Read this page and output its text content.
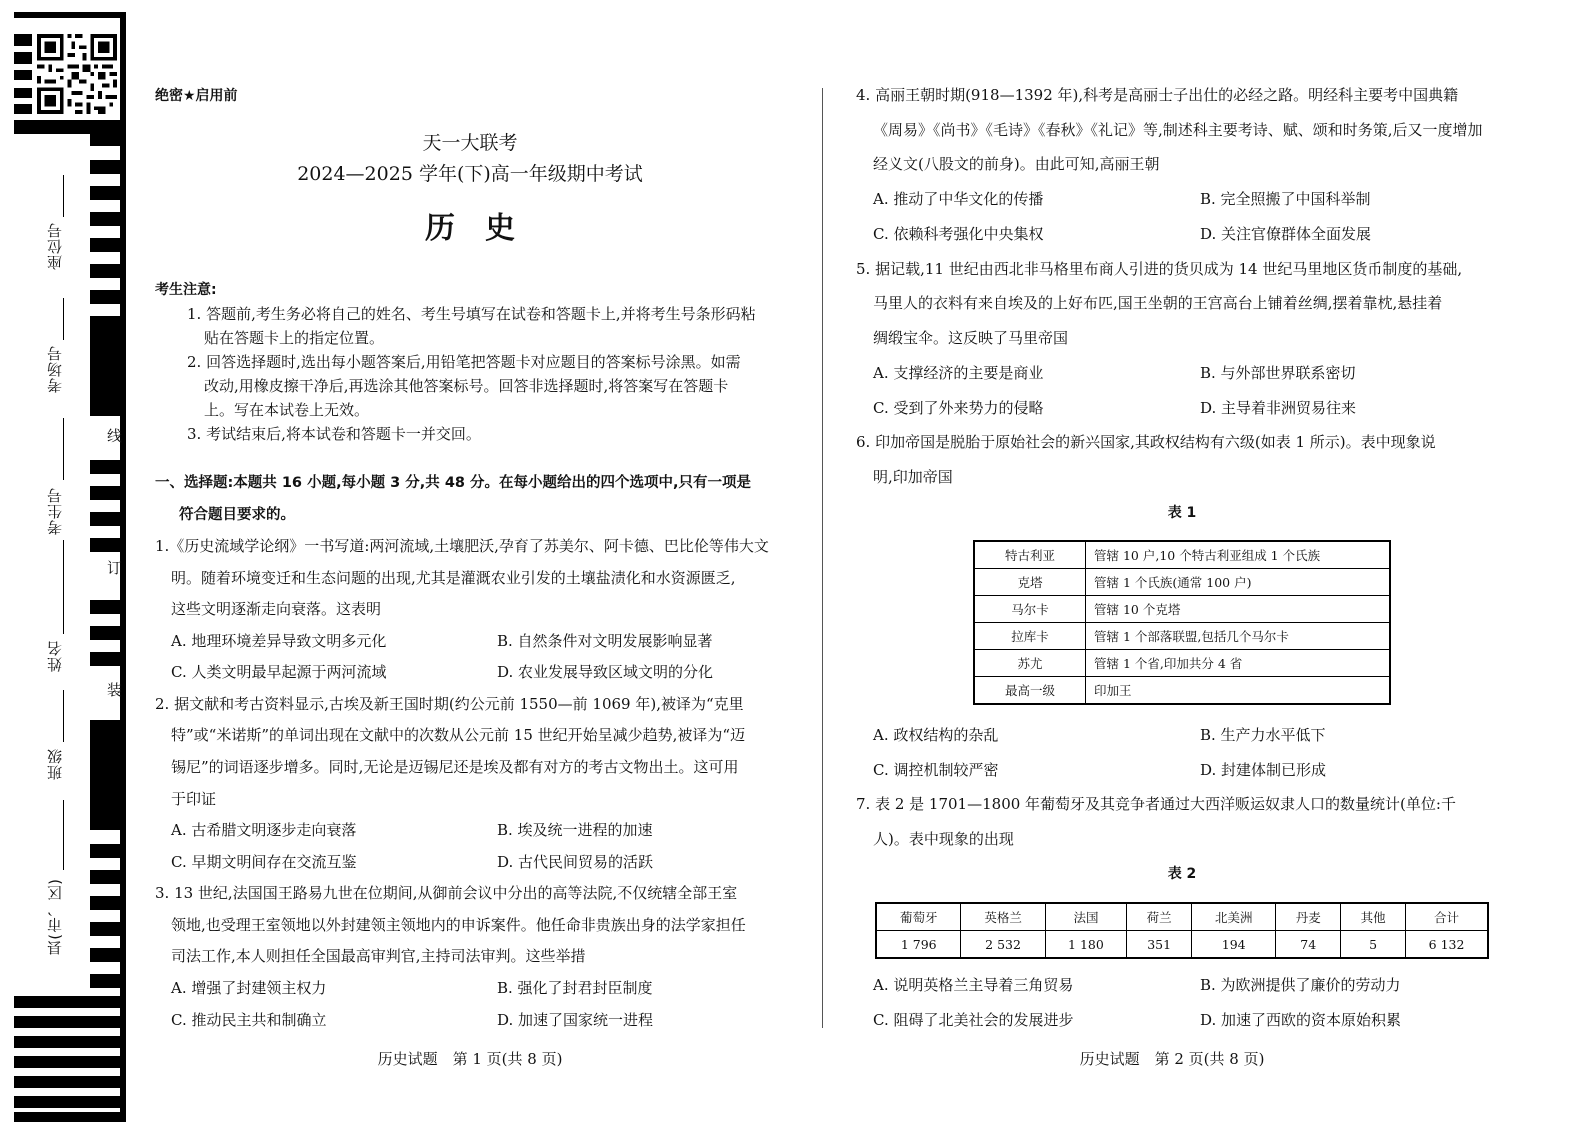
座位号
考场号
考生号
姓名
班级
县(市、区)
线
订
装
绝密★启用前
天一大联考
2024—2025 学年(下)高一年级期中考试
历　史
考生注意:
1. 答题前,考生务必将自己的姓名、考生号填写在试卷和答题卡上,并将考生号条形码粘
贴在答题卡上的指定位置。
2. 回答选择题时,选出每小题答案后,用铅笔把答题卡对应题目的答案标号涂黑。如需
改动,用橡皮擦干净后,再选涂其他答案标号。回答非选择题时,将答案写在答题卡
上。写在本试卷上无效。
3. 考试结束后,将本试卷和答题卡一并交回。
一、选择题:本题共 16 小题,每小题 3 分,共 48 分。在每小题给出的四个选项中,只有一项是
符合题目要求的。
1.《历史流域学论纲》一书写道:两河流域,土壤肥沃,孕育了苏美尔、阿卡德、巴比伦等伟大文
明。随着环境变迁和生态问题的出现,尤其是灌溉农业引发的土壤盐渍化和水资源匮乏,
这些文明逐渐走向衰落。这表明
A. 地理环境差异导致文明多元化	B. 自然条件对文明发展影响显著
C. 人类文明最早起源于两河流域	D. 农业发展导致区域文明的分化
2. 据文献和考古资料显示,古埃及新王国时期(约公元前 1550—前 1069 年),被译为“克里
特”或“米诺斯”的单词出现在文献中的次数从公元前 15 世纪开始呈减少趋势,被译为“迈
锡尼”的词语逐步增多。同时,无论是迈锡尼还是埃及都有对方的考古文物出土。这可用
于印证
A. 古希腊文明逐步走向衰落	B. 埃及统一进程的加速
C. 早期文明间存在交流互鉴	D. 古代民间贸易的活跃
3. 13 世纪,法国国王路易九世在位期间,从御前会议中分出的高等法院,不仅统辖全部王室
领地,也受理王室领地以外封建领主领地内的申诉案件。他任命非贵族出身的法学家担任
司法工作,本人则担任全国最高审判官,主持司法审判。这些举措
A. 增强了封建领主权力	B. 强化了封君封臣制度
C. 推动民主共和制确立	D. 加速了国家统一进程
历史试题　第 1 页(共 8 页)
4. 高丽王朝时期(918—1392 年),科考是高丽士子出仕的必经之路。明经科主要考中国典籍
《周易》《尚书》《毛诗》《春秋》《礼记》等,制述科主要考诗、赋、颂和时务策,后又一度增加
经义文(八股文的前身)。由此可知,高丽王朝
A. 推动了中华文化的传播	B. 完全照搬了中国科举制
C. 依赖科考强化中央集权	D. 关注官僚群体全面发展
5. 据记载,11 世纪由西北非马格里布商人引进的货贝成为 14 世纪马里地区货币制度的基础,
马里人的衣料有来自埃及的上好布匹,国王坐朝的王宫高台上铺着丝绸,摆着靠枕,悬挂着
绸缎宝伞。这反映了马里帝国
A. 支撑经济的主要是商业	B. 与外部世界联系密切
C. 受到了外来势力的侵略	D. 主导着非洲贸易往来
6. 印加帝国是脱胎于原始社会的新兴国家,其政权结构有六级(如表 1 所示)。表中现象说
明,印加帝国
表 1
特古利亚	管辖 10 户,10 个特古利亚组成 1 个氏族
克塔	管辖 1 个氏族(通常 100 户)
马尔卡	管辖 10 个克塔
拉库卡	管辖 1 个部落联盟,包括几个马尔卡
苏尤	管辖 1 个省,印加共分 4 省
最高一级	印加王
A. 政权结构的杂乱	B. 生产力水平低下
C. 调控机制较严密	D. 封建体制已形成
7. 表 2 是 1701—1800 年葡萄牙及其竞争者通过大西洋贩运奴隶人口的数量统计(单位:千
人)。表中现象的出现
表 2
葡萄牙	英格兰	法国	荷兰	北美洲	丹麦	其他	合计
1 796	2 532	1 180	351	194	74	5	6 132
A. 说明英格兰主导着三角贸易	B. 为欧洲提供了廉价的劳动力
C. 阻碍了北美社会的发展进步	D. 加速了西欧的资本原始积累
历史试题　第 2 页(共 8 页)
